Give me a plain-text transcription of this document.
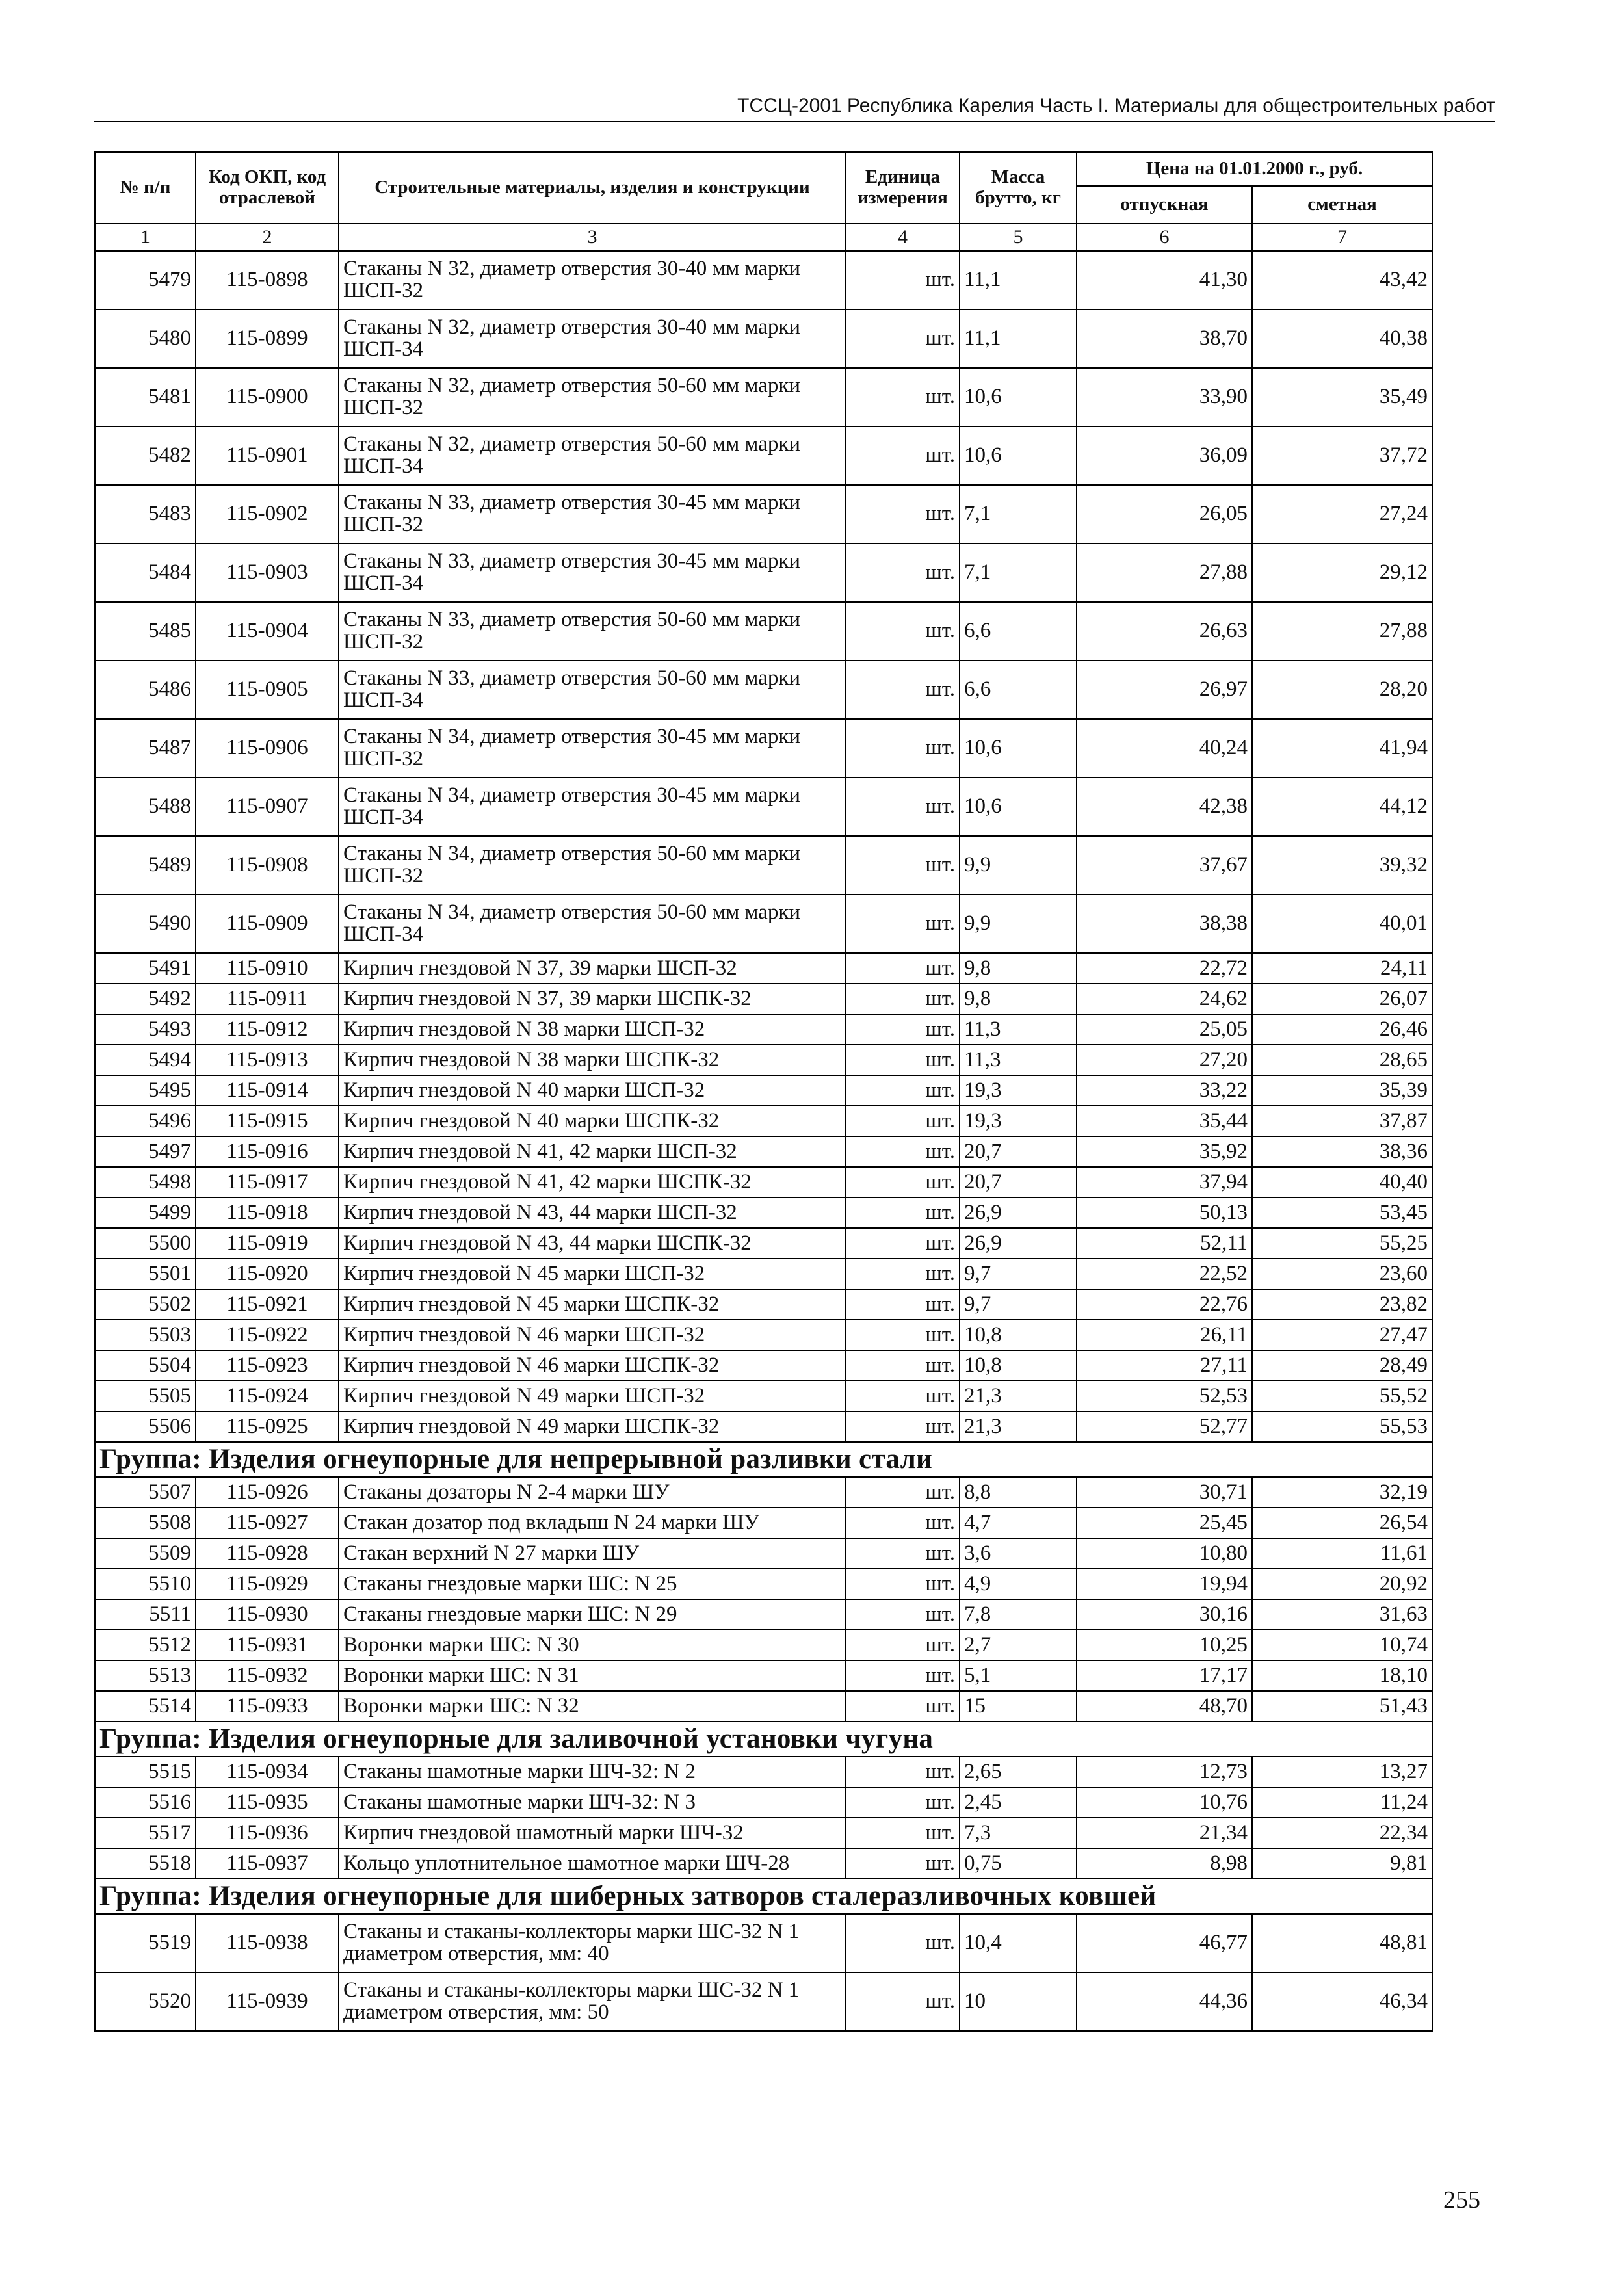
ТССЦ-2001 Республика Карелия Часть I. Материалы для общестроительных работ
№ п/п	Код ОКП, код отраслевой	Строительные материалы, изделия и конструкции	Единица измерения	Масса брутто, кг	Цена на 01.01.2000 г., руб.	
					отпускная	сметная
1	2	3	4	5	6	7
5479	115-0898	Стаканы N 32, диаметр отверстия 30-40 мм марки ШСП-32	шт.	11,1	41,30	43,42
5480	115-0899	Стаканы N 32, диаметр отверстия 30-40 мм марки ШСП-34	шт.	11,1	38,70	40,38
5481	115-0900	Стаканы N 32, диаметр отверстия 50-60 мм марки ШСП-32	шт.	10,6	33,90	35,49
5482	115-0901	Стаканы N 32, диаметр отверстия 50-60 мм марки ШСП-34	шт.	10,6	36,09	37,72
5483	115-0902	Стаканы N 33, диаметр отверстия 30-45 мм марки ШСП-32	шт.	7,1	26,05	27,24
5484	115-0903	Стаканы N 33, диаметр отверстия 30-45 мм марки ШСП-34	шт.	7,1	27,88	29,12
5485	115-0904	Стаканы N 33, диаметр отверстия 50-60 мм марки ШСП-32	шт.	6,6	26,63	27,88
5486	115-0905	Стаканы N 33, диаметр отверстия 50-60 мм марки ШСП-34	шт.	6,6	26,97	28,20
5487	115-0906	Стаканы N 34, диаметр отверстия 30-45 мм марки ШСП-32	шт.	10,6	40,24	41,94
5488	115-0907	Стаканы N 34, диаметр отверстия 30-45 мм марки ШСП-34	шт.	10,6	42,38	44,12
5489	115-0908	Стаканы N 34, диаметр отверстия 50-60 мм марки ШСП-32	шт.	9,9	37,67	39,32
5490	115-0909	Стаканы N 34, диаметр отверстия 50-60 мм марки ШСП-34	шт.	9,9	38,38	40,01
5491	115-0910	Кирпич гнездовой N 37, 39 марки ШСП-32	шт.	9,8	22,72	24,11
5492	115-0911	Кирпич гнездовой N 37, 39 марки ШСПК-32	шт.	9,8	24,62	26,07
5493	115-0912	Кирпич гнездовой N 38 марки ШСП-32	шт.	11,3	25,05	26,46
5494	115-0913	Кирпич гнездовой N 38 марки ШСПК-32	шт.	11,3	27,20	28,65
5495	115-0914	Кирпич гнездовой N 40 марки ШСП-32	шт.	19,3	33,22	35,39
5496	115-0915	Кирпич гнездовой N 40 марки ШСПК-32	шт.	19,3	35,44	37,87
5497	115-0916	Кирпич гнездовой N 41, 42 марки ШСП-32	шт.	20,7	35,92	38,36
5498	115-0917	Кирпич гнездовой N 41, 42 марки ШСПК-32	шт.	20,7	37,94	40,40
5499	115-0918	Кирпич гнездовой N 43, 44 марки ШСП-32	шт.	26,9	50,13	53,45
5500	115-0919	Кирпич гнездовой N 43, 44 марки ШСПК-32	шт.	26,9	52,11	55,25
5501	115-0920	Кирпич гнездовой N 45 марки ШСП-32	шт.	9,7	22,52	23,60
5502	115-0921	Кирпич гнездовой N 45 марки ШСПК-32	шт.	9,7	22,76	23,82
5503	115-0922	Кирпич гнездовой N 46 марки ШСП-32	шт.	10,8	26,11	27,47
5504	115-0923	Кирпич гнездовой N 46 марки ШСПК-32	шт.	10,8	27,11	28,49
5505	115-0924	Кирпич гнездовой N 49 марки ШСП-32	шт.	21,3	52,53	55,52
5506	115-0925	Кирпич гнездовой N 49 марки ШСПК-32	шт.	21,3	52,77	55,53
Группа: Изделия огнеупорные для непрерывной разливки стали						
5507	115-0926	Стаканы дозаторы N 2-4 марки ШУ	шт.	8,8	30,71	32,19
5508	115-0927	Стакан дозатор под вкладыш N 24 марки ШУ	шт.	4,7	25,45	26,54
5509	115-0928	Стакан верхний N 27 марки ШУ	шт.	3,6	10,80	11,61
5510	115-0929	Стаканы гнездовые марки ШС: N 25	шт.	4,9	19,94	20,92
5511	115-0930	Стаканы гнездовые марки ШС: N 29	шт.	7,8	30,16	31,63
5512	115-0931	Воронки марки ШС: N 30	шт.	2,7	10,25	10,74
5513	115-0932	Воронки марки ШС: N 31	шт.	5,1	17,17	18,10
5514	115-0933	Воронки марки ШС: N 32	шт.	15	48,70	51,43
Группа: Изделия огнеупорные для заливочной установки чугуна						
5515	115-0934	Стаканы шамотные марки ШЧ-32: N 2	шт.	2,65	12,73	13,27
5516	115-0935	Стаканы шамотные марки ШЧ-32: N 3	шт.	2,45	10,76	11,24
5517	115-0936	Кирпич гнездовой шамотный марки ШЧ-32	шт.	7,3	21,34	22,34
5518	115-0937	Кольцо уплотнительное шамотное марки ШЧ-28	шт.	0,75	8,98	9,81
Группа: Изделия огнеупорные для шиберных затворов сталеразливочных ковшей						
5519	115-0938	Стаканы и стаканы-коллекторы марки ШС-32 N 1 диаметром отверстия, мм: 40	шт.	10,4	46,77	48,81
5520	115-0939	Стаканы и стаканы-коллекторы марки ШС-32 N 1 диаметром отверстия, мм: 50	шт.	10	44,36	46,34
255
